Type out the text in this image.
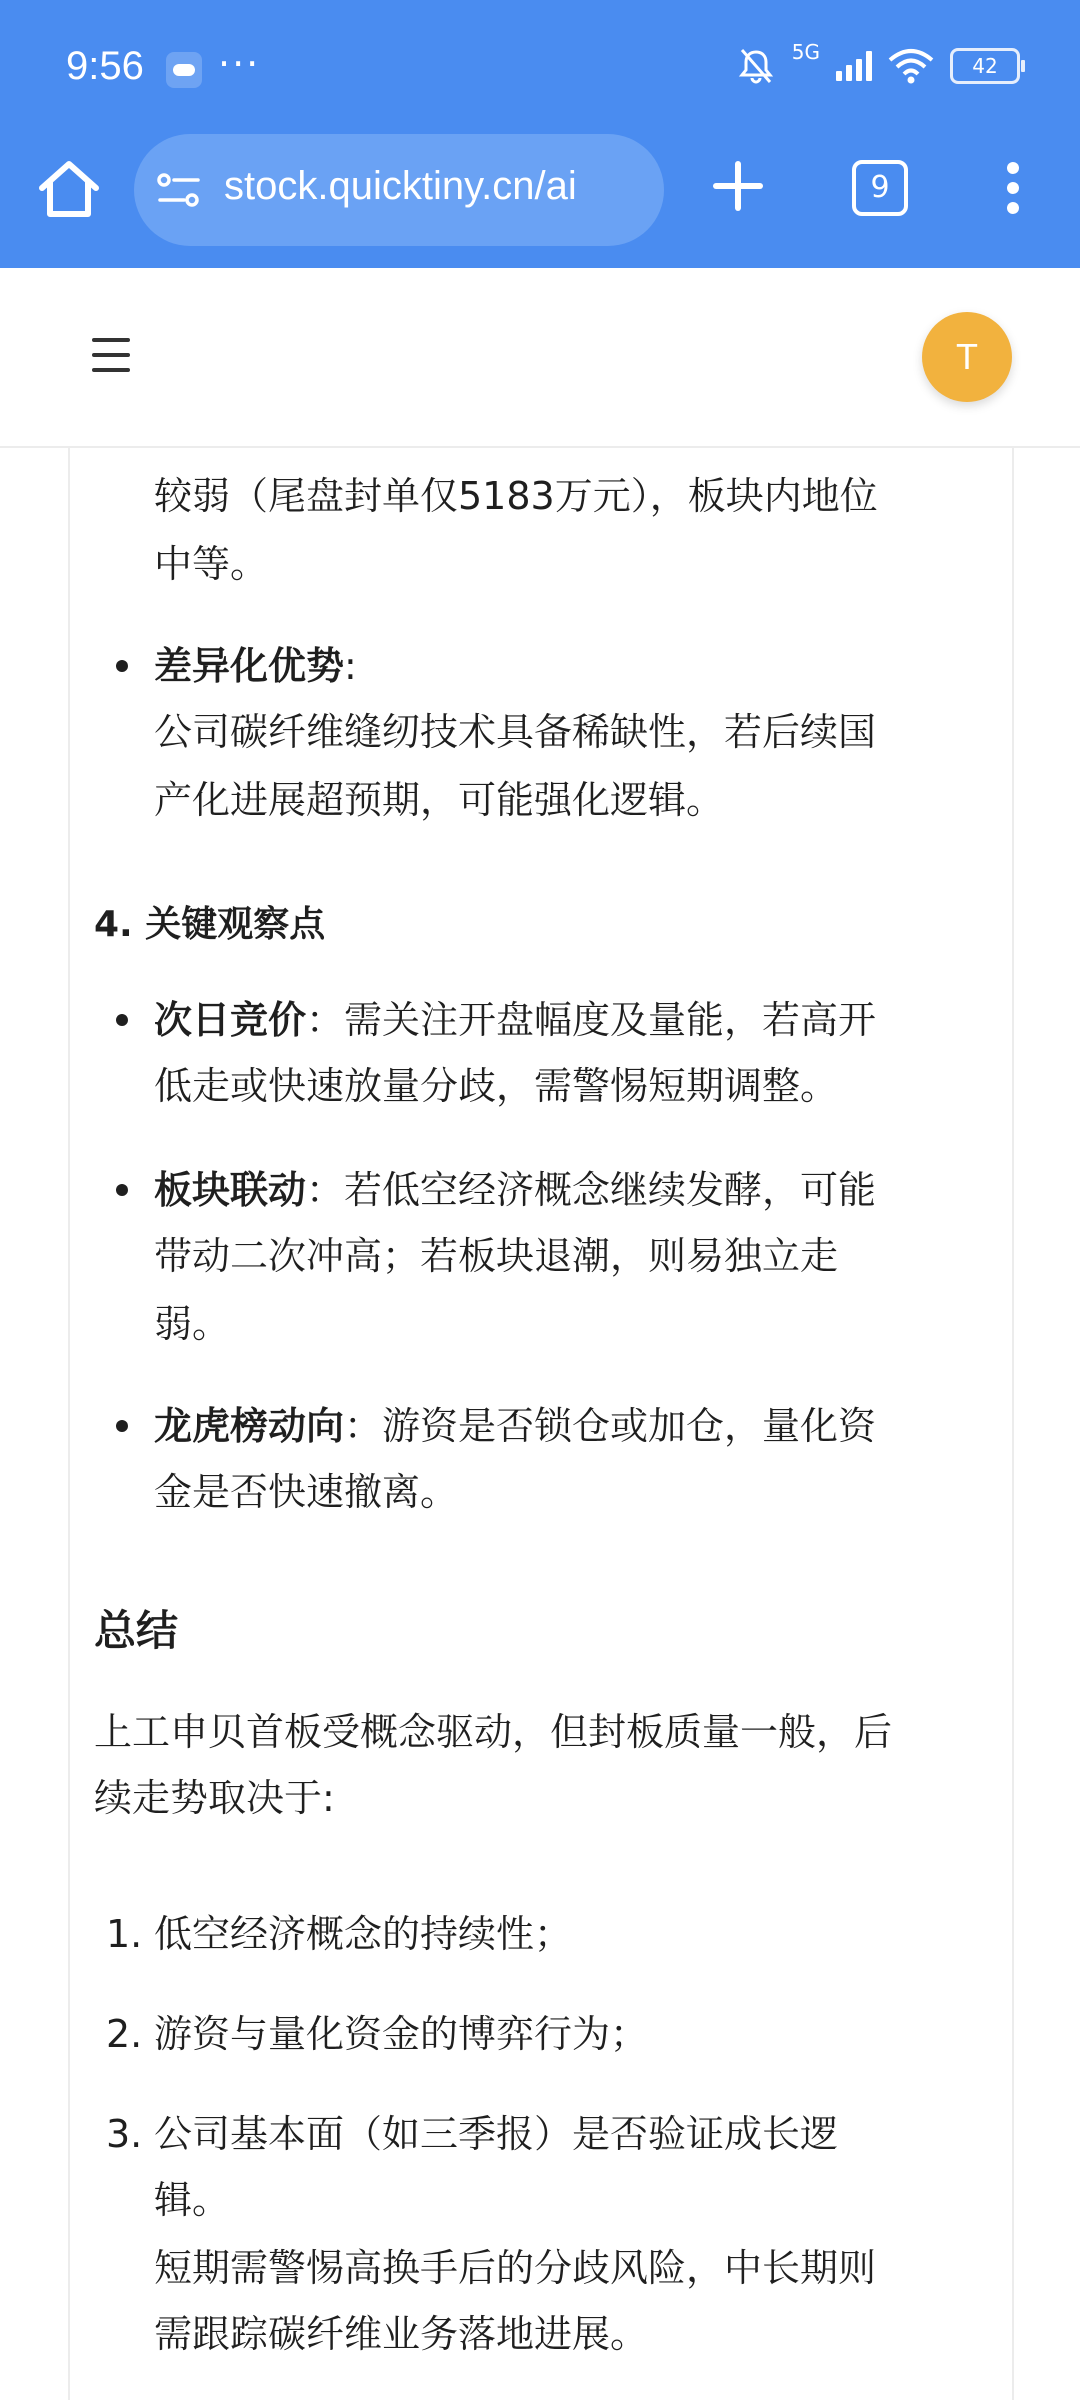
9:56 ···	5G
42
stock.quicktiny.cn/ai	9
T
较弱（尾盘封单仅5183万元），板块内地位
中等。
差异化优势:
公司碳纤维缝纫技术具备稀缺性，若后续国
产化进展超预期，可能强化逻辑。
4. 关键观察点
次日竞价：需关注开盘幅度及量能，若高开
低走或快速放量分歧，需警惕短期调整。
板块联动：若低空经济概念继续发酵，可能
带动二次冲高；若板块退潮，则易独立走
弱。
龙虎榜动向：游资是否锁仓或加仓，量化资
金是否快速撤离。
总结
上工申贝首板受概念驱动，但封板质量一般，后
续走势取决于:
1. 低空经济概念的持续性；
2. 游资与量化资金的博弈行为；
3. 公司基本面（如三季报）是否验证成长逻
辑。
短期需警惕高换手后的分歧风险，中长期则
需跟踪碳纤维业务落地进展。
